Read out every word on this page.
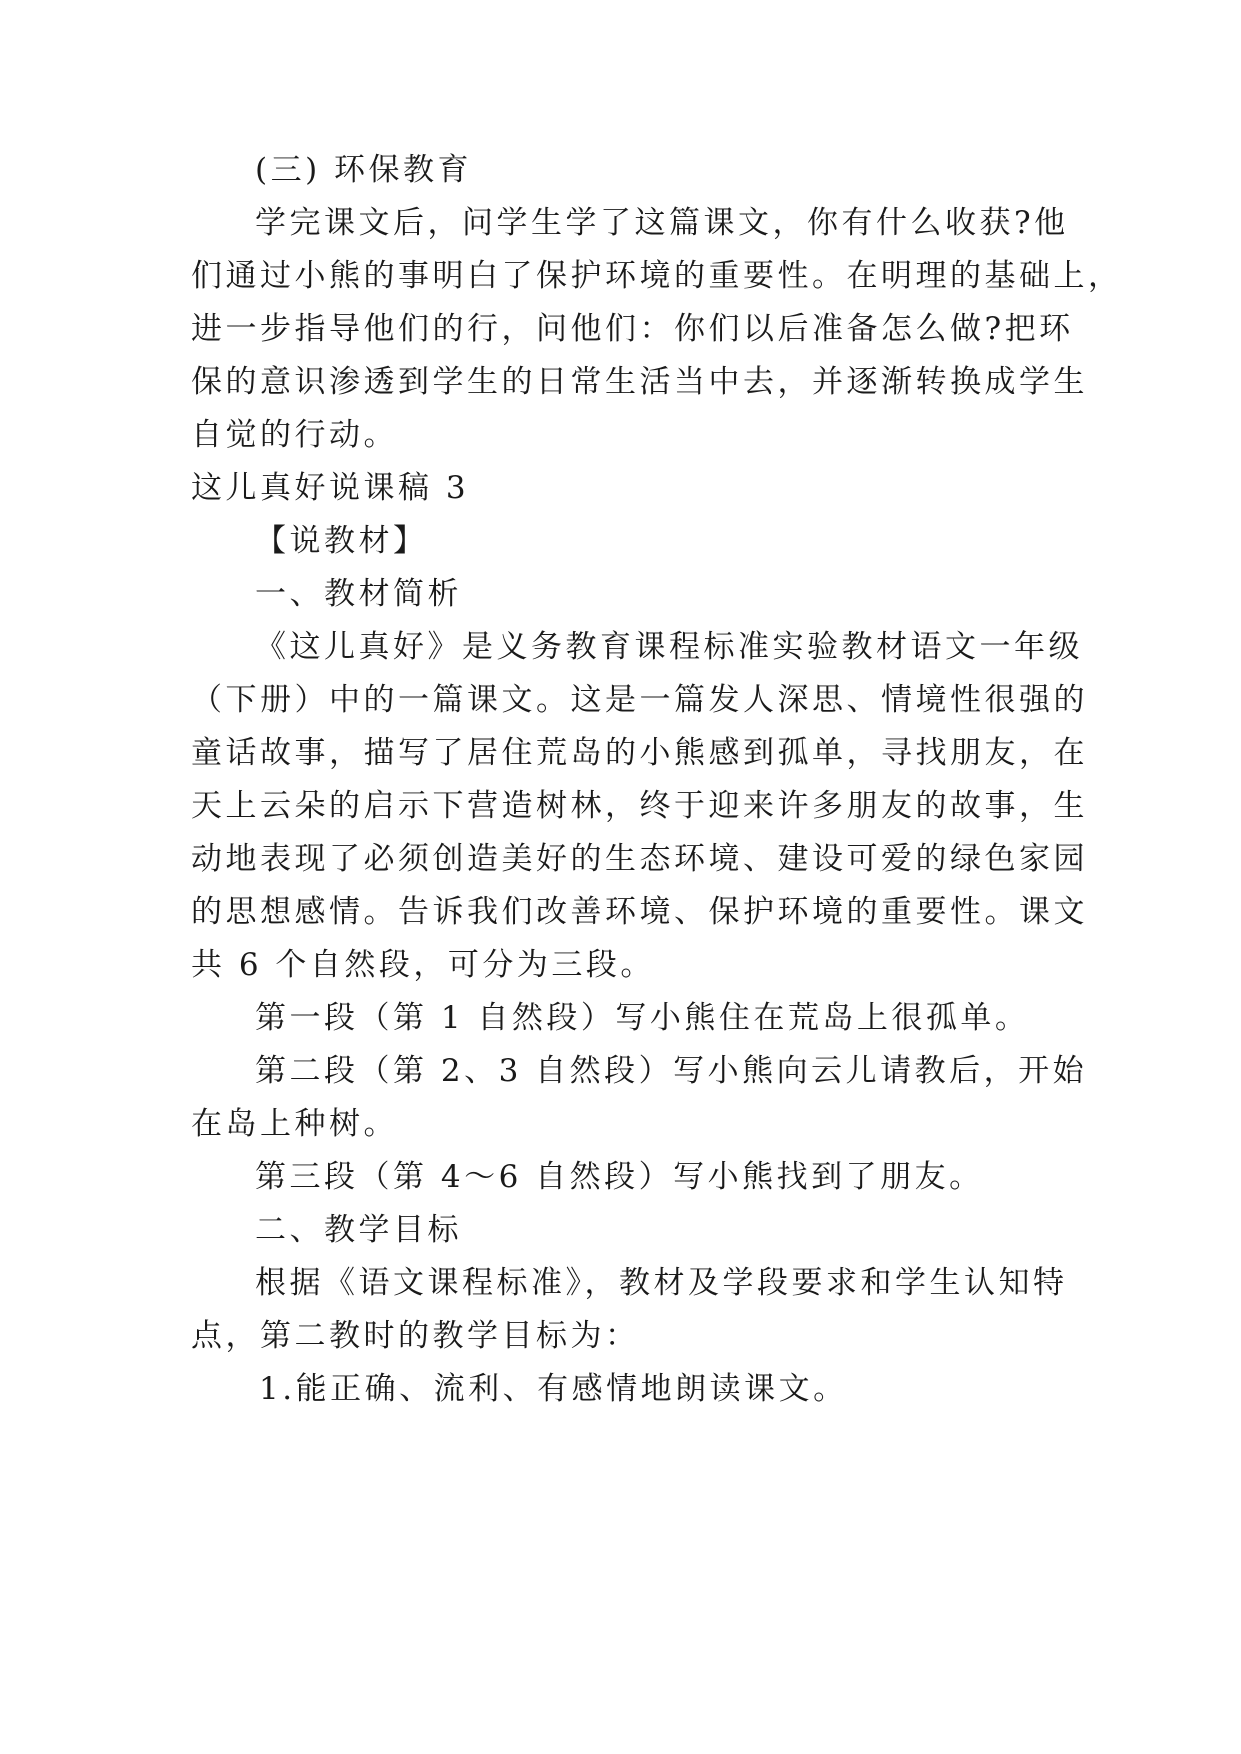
(三) 环保教育
学完课文后，问学生学了这篇课文，你有什么收获?他
们通过小熊的事明白了保护环境的重要性。在明理的基础上，
进一步指导他们的行，问他们：你们以后准备怎么做?把环
保的意识渗透到学生的日常生活当中去，并逐渐转换成学生
自觉的行动。
这儿真好说课稿 3
【说教材】
一、教材简析
《这儿真好》是义务教育课程标准实验教材语文一年级
（下册）中的一篇课文。这是一篇发人深思、情境性很强的
童话故事，描写了居住荒岛的小熊感到孤单，寻找朋友，在
天上云朵的启示下营造树林，终于迎来许多朋友的故事，生
动地表现了必须创造美好的生态环境、建设可爱的绿色家园
的思想感情。告诉我们改善环境、保护环境的重要性。课文
共 6 个自然段，可分为三段。
第一段（第 1 自然段）写小熊住在荒岛上很孤单。
第二段（第 2、3 自然段）写小熊向云儿请教后，开始
在岛上种树。
第三段（第 4～6 自然段）写小熊找到了朋友。
二、教学目标
根据《语文课程标准》，教材及学段要求和学生认知特
点，第二教时的教学目标为：
1.能正确、流利、有感情地朗读课文。
